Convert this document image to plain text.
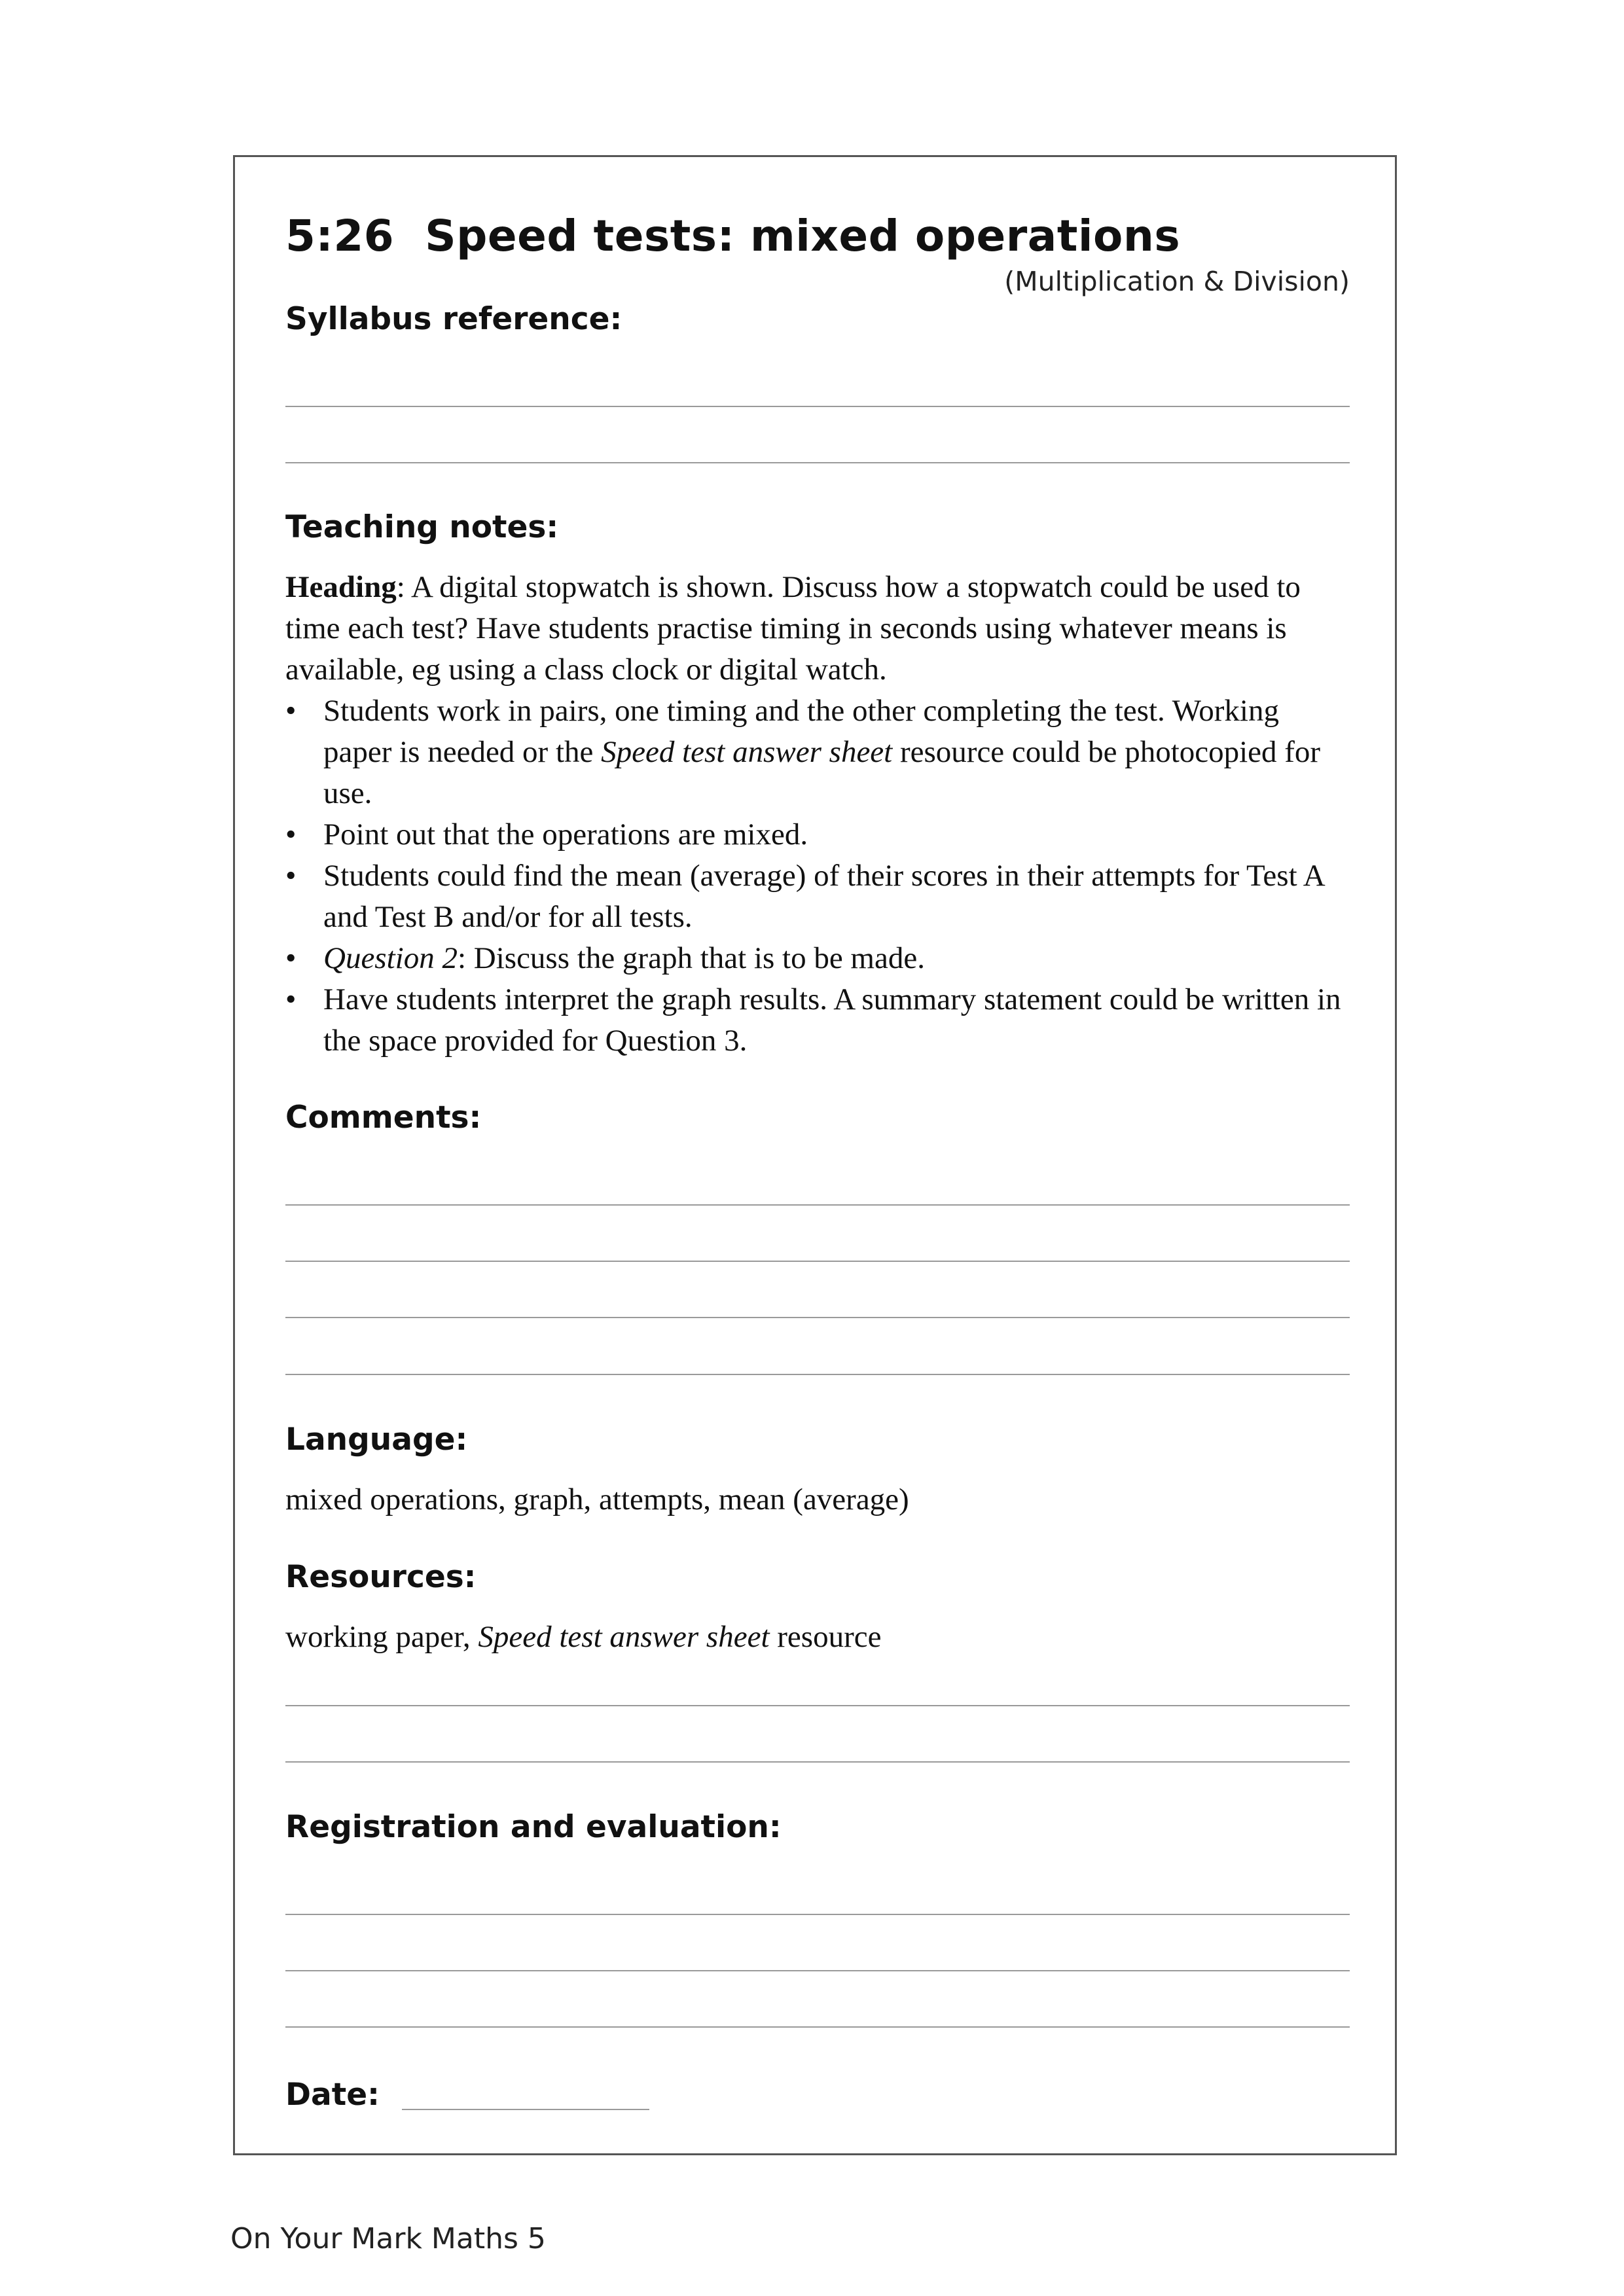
5:26  Speed tests: mixed operations
(Multiplication & Division)
Syllabus reference:
Teaching notes:
Heading: A digital stopwatch is shown. Discuss how a stopwatch could be used to time each test? Have students practise timing in seconds using whatever means is available, eg using a class clock or digital watch.
• Students work in pairs, one timing and the other completing the test. Working paper is needed or the Speed test answer sheet resource could be photocopied for use.
• Point out that the operations are mixed.
• Students could find the mean (average) of their scores in their attempts for Test A and Test B and/or for all tests.
• Question 2: Discuss the graph that is to be made.
• Have students interpret the graph results. A summary statement could be written in the space provided for Question 3.
Comments:
Language:
mixed operations, graph, attempts, mean (average)
Resources:
working paper, Speed test answer sheet resource
Registration and evaluation:
Date:
On Your Mark Maths 5
